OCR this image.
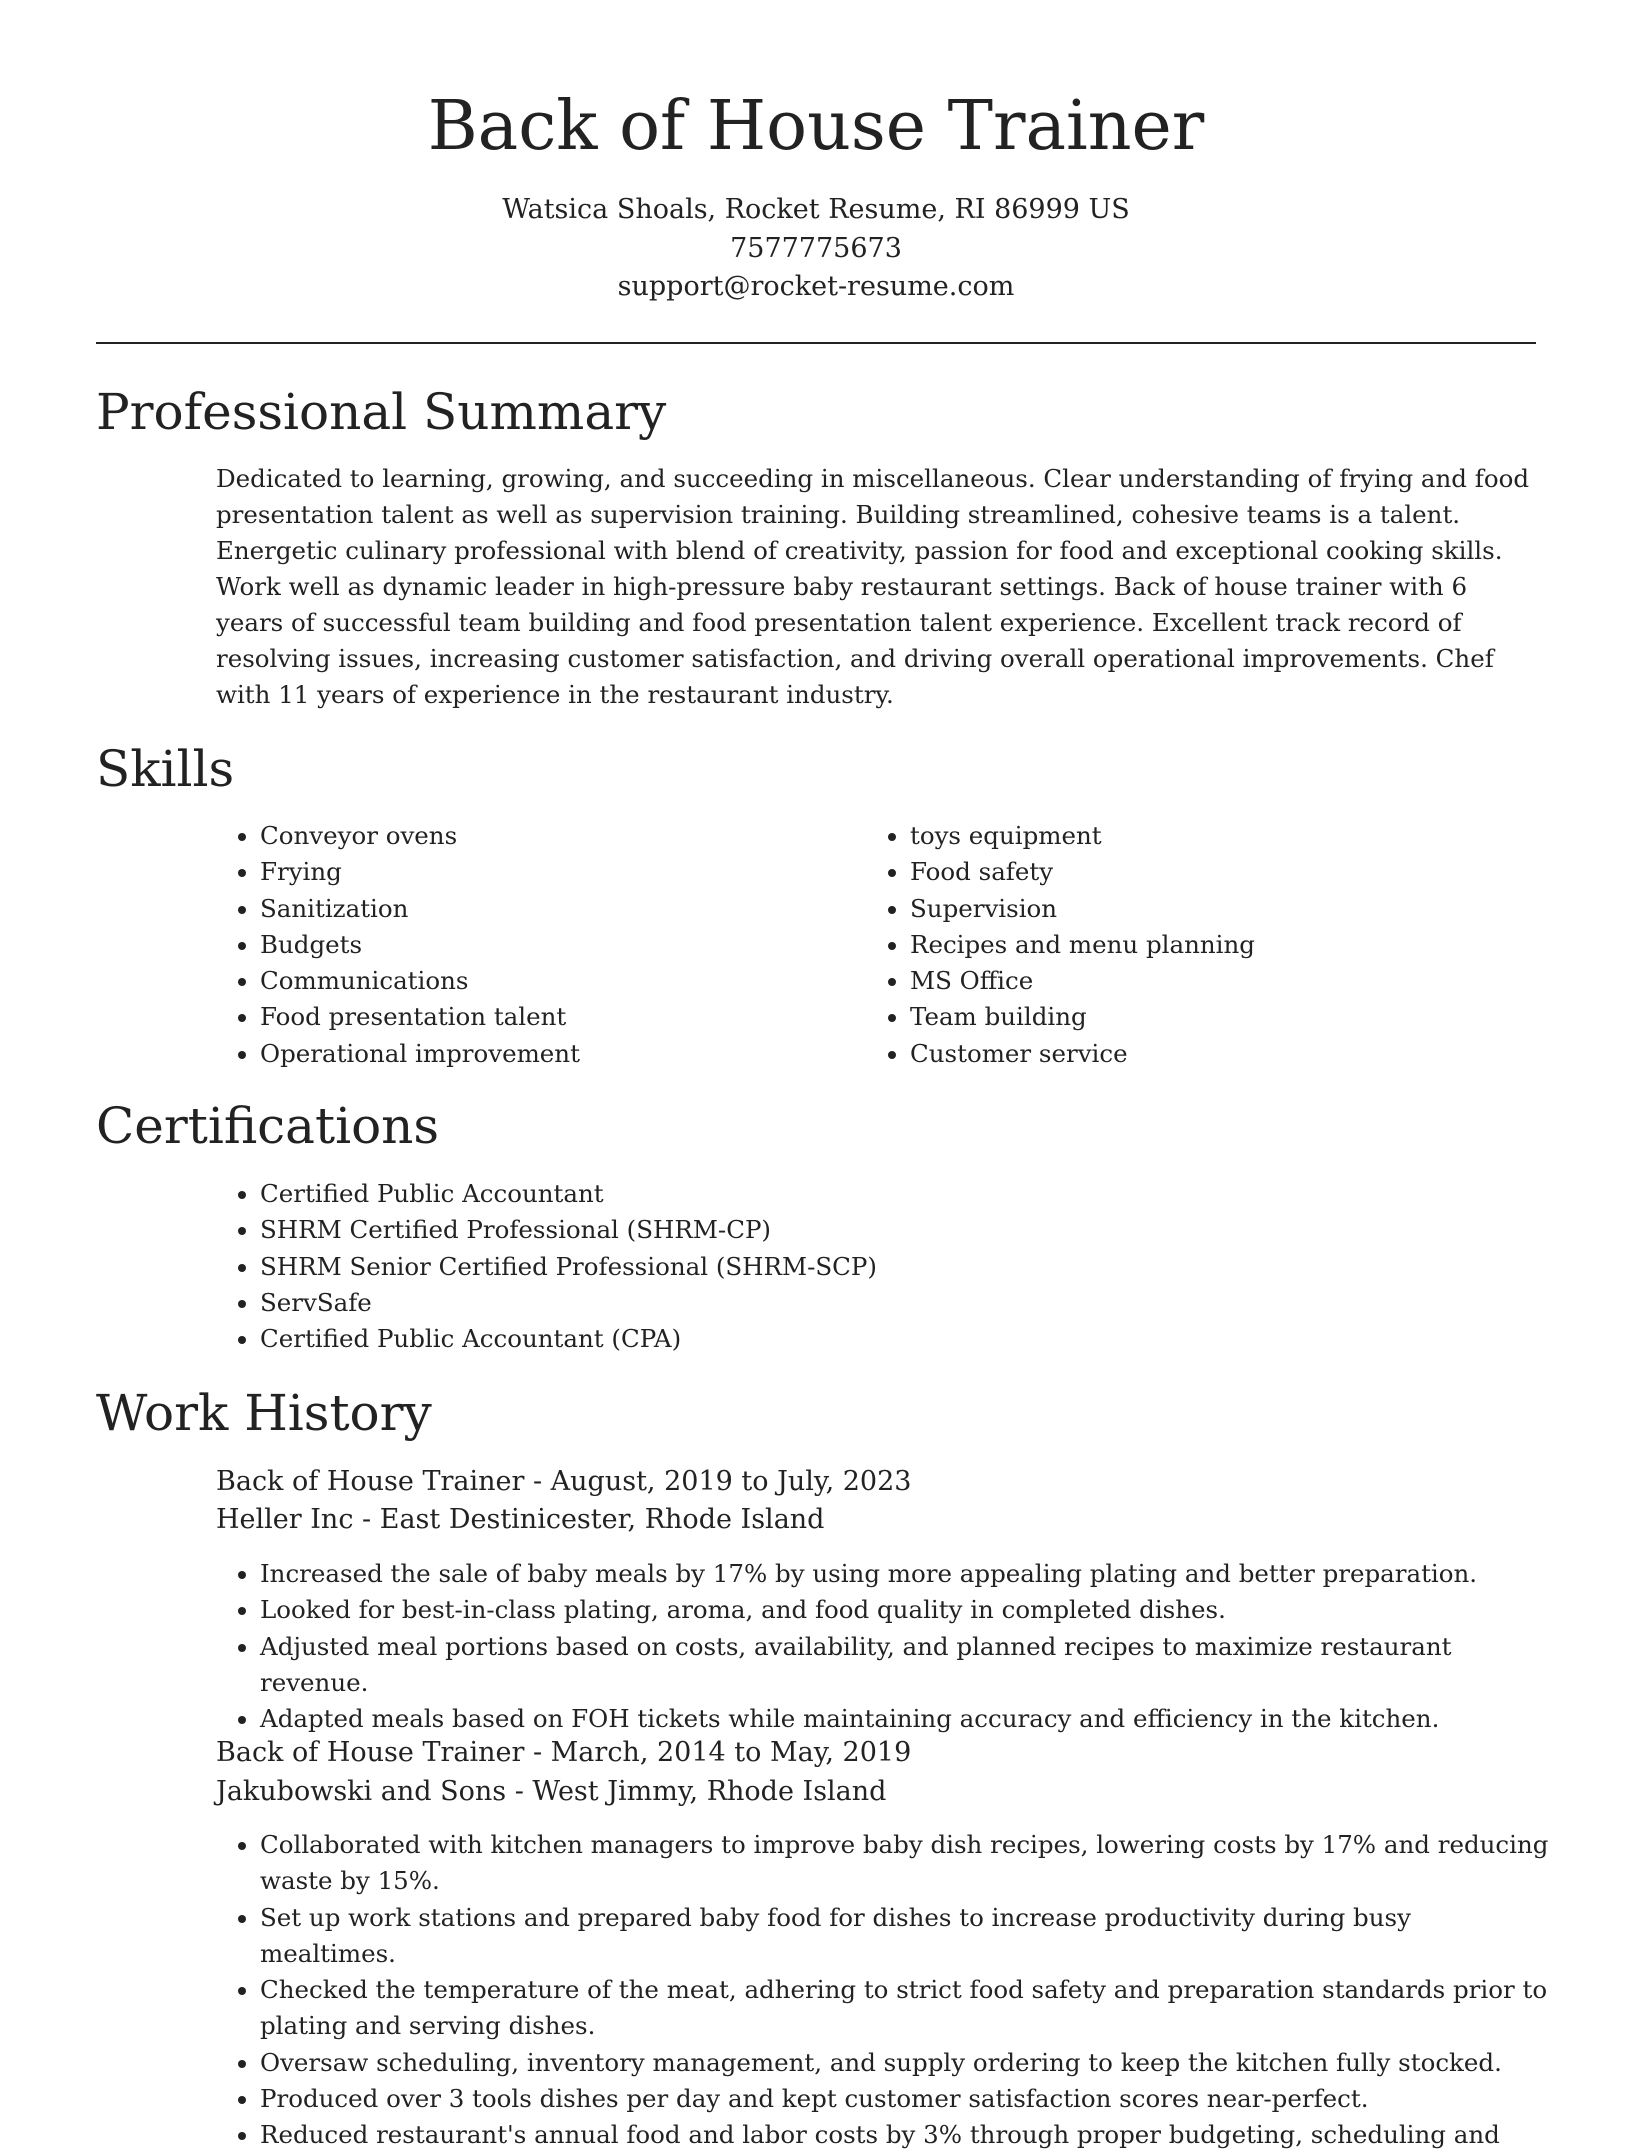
Back of House Trainer
Watsica Shoals, Rocket Resume, RI 86999 US
7577775673
support@rocket-resume.com
Professional Summary

Dedicated to learning, growing, and succeeding in miscellaneous. Clear understanding of frying and food presentation talent as well as supervision training. Building streamlined, cohesive teams is a talent. Energetic culinary professional with blend of creativity, passion for food and exceptional cooking skills. Work well as dynamic leader in high-pressure baby restaurant settings. Back of house trainer with 6 years of successful team building and food presentation talent experience. Excellent track record of resolving issues, increasing customer satisfaction, and driving overall operational improvements. Chef with 11 years of experience in the restaurant industry.

Skills
• Conveyor ovens
• Frying
• Sanitization
• Budgets
• Communications
• Food presentation talent
• Operational improvement
• toys equipment
• Food safety
• Supervision
• Recipes and menu planning
• MS Office
• Team building
• Customer service
Certifications
• Certified Public Accountant
• SHRM Certified Professional (SHRM-CP)
• SHRM Senior Certified Professional (SHRM-SCP)
• ServSafe
• Certified Public Accountant (CPA)
Work History
Back of House Trainer - August, 2019 to July, 2023
Heller Inc - East Destinicester, Rhode Island
• Increased the sale of baby meals by 17% by using more appealing plating and better preparation.
• Looked for best-in-class plating, aroma, and food quality in completed dishes.
• Adjusted meal portions based on costs, availability, and planned recipes to maximize restaurant revenue.
• Adapted meals based on FOH tickets while maintaining accuracy and efficiency in the kitchen.
Back of House Trainer - March, 2014 to May, 2019
Jakubowski and Sons - West Jimmy, Rhode Island
• Collaborated with kitchen managers to improve baby dish recipes, lowering costs by 17% and reducing waste by 15%.
• Set up work stations and prepared baby food for dishes to increase productivity during busy mealtimes.
• Checked the temperature of the meat, adhering to strict food safety and preparation standards prior to plating and serving dishes.
• Oversaw scheduling, inventory management, and supply ordering to keep the kitchen fully stocked.
• Produced over 3 tools dishes per day and kept customer satisfaction scores near-perfect.
• Reduced restaurant's annual food and labor costs by 3% through proper budgeting, scheduling and
